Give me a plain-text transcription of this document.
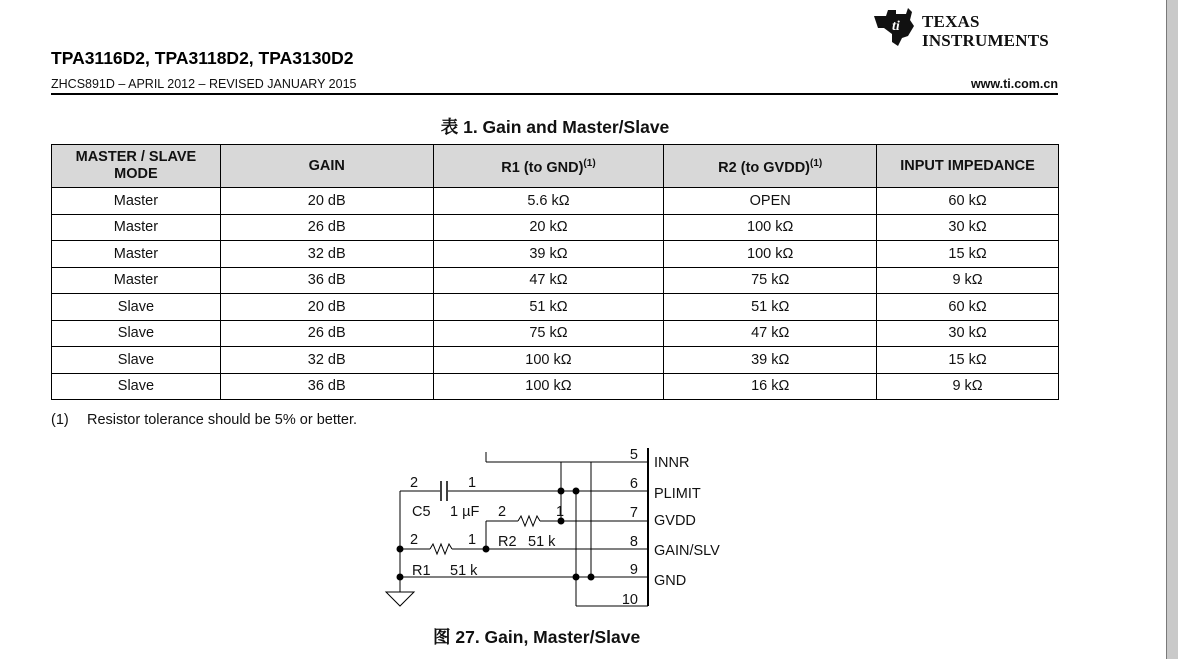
ti TEXAS
INSTRUMENTS
TPA3116D2, TPA3118D2, TPA3130D2
ZHCS891D – APRIL 2012 – REVISED JANUARY 2015	www.ti.com.cn
表 1. Gain and Master/Slave
MASTER / SLAVE MODE	GAIN	R1 (to GND)$^{(1)}$	R2 (to GVDD)$^{(1)}$	INPUT IMPEDANCE
Master	20 dB	5.6 kΩ	OPEN	60 kΩ
Master	26 dB	20 kΩ	100 kΩ	30 kΩ
Master	32 dB	39 kΩ	100 kΩ	15 kΩ
Master	36 dB	47 kΩ	75 kΩ	9 kΩ
Slave	20 dB	51 kΩ	51 kΩ	60 kΩ
Slave	26 dB	75 kΩ	47 kΩ	30 kΩ
Slave	32 dB	100 kΩ	39 kΩ	15 kΩ
Slave	36 dB	100 kΩ	16 kΩ	9 kΩ
(1) Resistor tolerance should be 5% or better.
5 INNR
6
PLIMIT
7 GVDD
8
GAIN/SLV
9
GND
10
2	1
C5 1 µF 2	1
R2 51 k
2	1
R1 51 k
图 27. Gain, Master/Slave
